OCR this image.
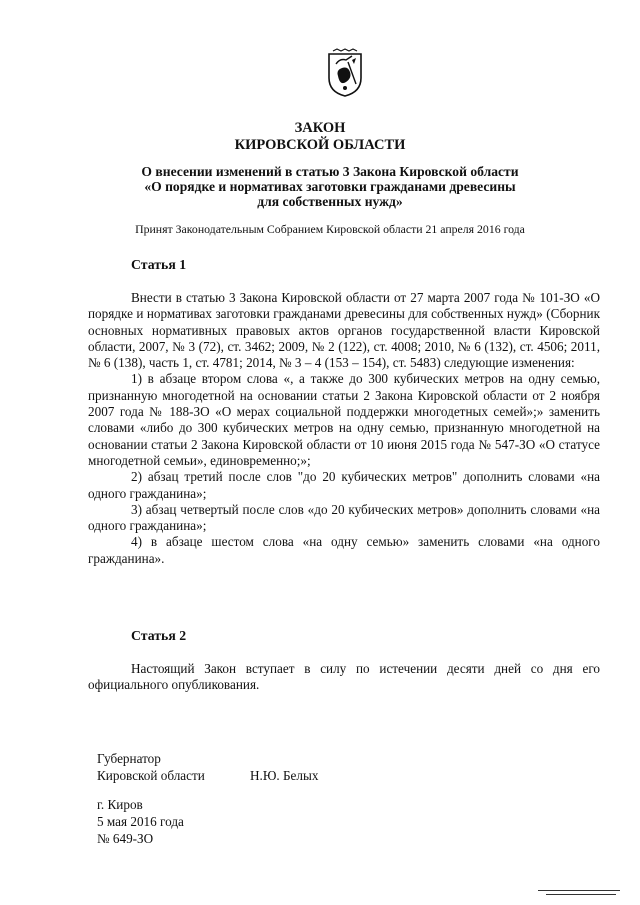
ЗАКОН
КИРОВСКОЙ ОБЛАСТИ
О внесении изменений в статью 3 Закона Кировской области
«О порядке и нормативах заготовки гражданами древесины
для собственных нужд»
Принят Законодательным Собранием Кировской области 21 апреля 2016 года
Статья 1

Внести в статью 3 Закона Кировской области от 27 марта 2007 года № 101-ЗО «О порядке и нормативах заготовки гражданами древесины для собственных нужд» (Сборник основных нормативных правовых актов органов государственной власти Кировской области, 2007, № 3 (72), ст. 3462; 2009, № 2 (122), ст. 4008; 2010, № 6 (132), ст. 4506; 2011, № 6 (138), часть 1, ст. 4781; 2014, № 3 – 4 (153 – 154), ст. 5483) следующие изменения:

1) в абзаце втором слова «, а также до 300 кубических метров на одну семью, признанную многодетной на основании статьи 2 Закона Кировской области от 2 ноября 2007 года № 188-ЗО «О мерах социальной поддержки многодетных семей»;» заменить словами «либо до 300 кубических метров на одну семью, признанную многодетной на основании статьи 2 Закона Кировской области от 10 июня 2015 года № 547-ЗО «О статусе многодетной семьи», единовременно;»;

2) абзац третий после слов "до 20 кубических метров" дополнить словами «на одного гражданина»;

3) абзац четвертый после слов «до 20 кубических метров» дополнить словами «на одного гражданина»;

4) в абзаце шестом слова «на одну семью» заменить словами «на одного гражданина».

Статья 2

Настоящий Закон вступает в силу по истечении десяти дней со дня его официального опубликования.

Губернатор
Кировской области	Н.Ю. Белых
г. Киров
5 мая 2016 года
№ 649-ЗО
